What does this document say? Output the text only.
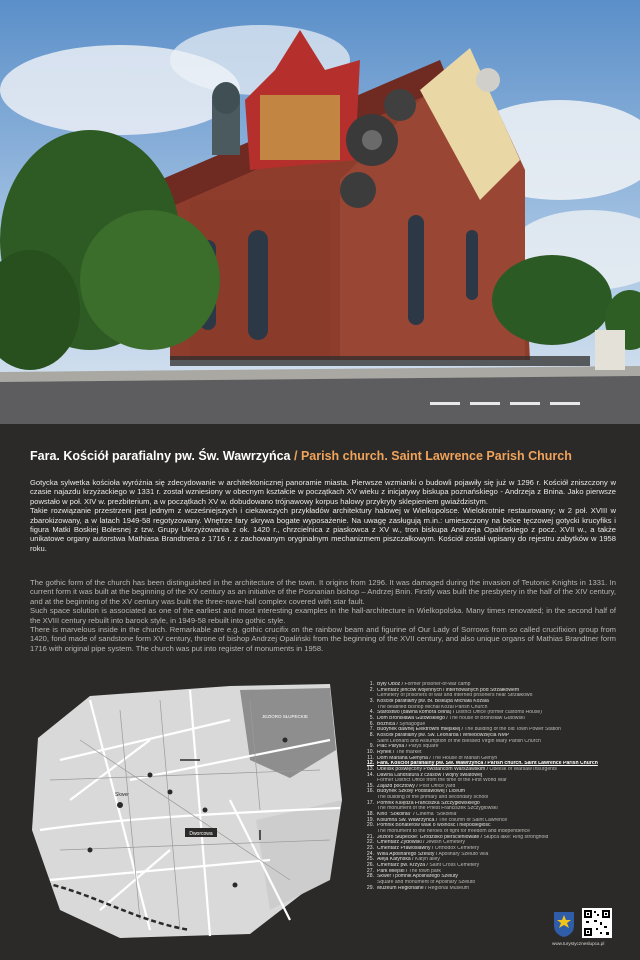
Fara. Kościół parafialny pw. Św. Wawrzyńca / Parish church. Saint Lawrence Parish Church

Gotycka sylwetka kościoła wyróżnia się zdecydowanie w architektonicznej panoramie miasta. Pierwsze wzmianki o budowli pojawiły się już w 1296 r. Kościół zniszczony w czasie najazdu krzyżackiego w 1331 r. został wzniesiony w obecnym kształcie w początkach XV wieku z inicjatywy biskupa poznańskiego - Andrzeja z Bnina. Jako pierwsze powstało w poł. XIV w. prezbiterium, a w początkach XV w. dobudowano trójnawowy korpus halowy przykryty sklepieniem gwiaździstym.

Takie rozwiązanie przestrzeni jest jednym z wcześniejszych i ciekawszych przykładów architektury halowej w Wielkopolsce. Wielokrotnie restaurowany; w 2 poł. XVIII w zbarokizowany, a w latach 1949-58 regotyzowany. Wnętrze fary skrywa bogate wyposażenie. Na uwagę zasługują m.in.: umieszczony na belce tęczowej gotycki krucyfiks i figura Matki Boskiej Bolesnej z tzw. Grupy Ukrzyżowania z ok. 1420 r., chrzcielnica z piaskowca z XV w., tron biskupa Andrzeja Opalińskiego z pocz. XVII w., a także unikatowe organy autorstwa Mathiasa Brandtnera z 1716 r. z zachowanym oryginalnym mechanizmem piszczałkowym. Kościół został wpisany do rejestru zabytków w 1958 roku.

The gothic form of the church has been distinguished in the architecture of the town. It origins from 1296. It was damaged during the invasion of Teutonic Knights in 1331. In current form it was built at the beginning of the XV century as an initiative of the Posnanian bishop – Andrzej Bnin. Firstly was built the presbytery in the half of the XIV century, and at the beginning of the XV century was built the three-nave-hall complex covered with star fault.

Such space solution is associated as one of the earliest and most interesting examples in the hall-architecture in Wielkopolska. Many times renovated; in the second half of the XVIII century rebuilt into barock style, in 1949-58 rebuilt into gothic style.

There is marvelous inside in the church. Remarkable are e.g. gothic crucifix on the rainbow beam and figurine of Our Lady of Sorrows from so called crucifixion group from 1420, fond made of sandstone form XV century, throne of bishop Andrzej Opaliński from the beginning of the XVII century, and also unique organs of Mathias Brandtner form 1716 with original pipe system. The church was put into register of monuments in 1958.

Dworcowa
JEZIORO SŁUPECKIE
Skwer
1. Były Obóz / Former prisoner-of-war camp
2. Cmentarz jeńców wojennych i internowanych pod Strzałkowem
Cemetery of prisoners of war and interned prisoners near Strzałkowo
3. Kościół parafialny pw. Bł. Biskupa Michała Kozala
The beatified Bishop Michał Kozal Parish Church
4. Starostwo (dawna komora celna) / District Office (former customs House)
5. Dom Bronisława Gutowskiego / The house of Bronisław Gutowski
6. Bóżnica / Synagogue
7. Budynek dawnej Elektrowni miejskiej / The building of the old Town Power Station
8. Kościół parafialny pw. Św. Leonarda i Wniebowzięcia NMP
Saint Leonard and Assumption of the Blessed Virgin Mary Parish Church
9. Plac Parysa / Parys square
10. Rynek / The market
11. Dom Mariana Glenyna / The House of Marian Glenyn
12. Fara. Kościół parafialny pw. Św. Wawrzyńca / Parish church. Saint Lawrence Parish Church
13. Obelisk poświęcony Powstańcom Warszawskim / Obelisk of Warsaw Insurgents
14. Dawna Landratura z czasów I wojny światowej
Former District Office from the time of the First World War
15. Zajazd pocztowy / Post Office yard
16. Budynek Szkoły Podstawowej i Liceum
The building of the primary and secondary school
17. Pomnik Księdza Franciszka Szczygłowskiego
The monument of the Priest Franciszek Szczygłowski
18. Kino "Sokolnia" / Cinema "Sokolnia"
19. Kolumna Św. Wawrzyńca / The column of Saint Lawrence
20. Pomnik Bohaterów walk o wolność i niepodległość
The monument to the heroes of fight for freedom and independence
21. Jezioro Słupeckie: Grodzisko pierścieniowate / Słupca lake: Ring stronghold
22. Cmentarz Żydowski / Jewish Cemetery
23. Cmentarz Prawosławny / Orthodox Cemetery
24. Willa Apolinarego Szeluty / Apolinary Szeluto villa
25. Aleja Katyńska / Katyń alley
26. Cmentarz pw. Krzyża / Saint Cross Cemetery
27. Park Miejski / The town park
28. Skwer i pomnik Apolinarego Szeluty
Square and monument of Apolinary Szeluto
29. Muzeum Regionalne / Regional Museum
www.turystyczneslupca.pl
